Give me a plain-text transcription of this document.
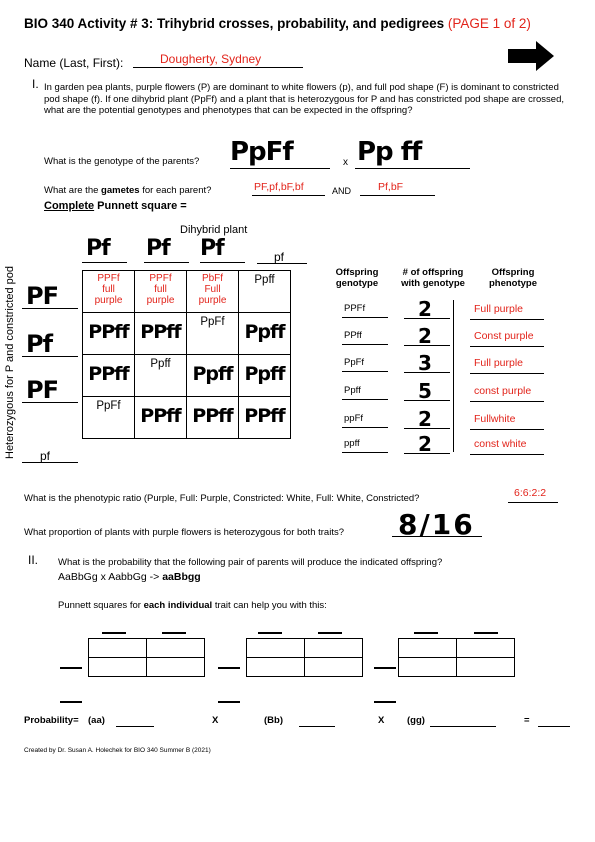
BIO 340 Activity # 3: Trihybrid crosses, probability, and pedigrees (PAGE 1 of 2)
Name (Last, First):	Dougherty, Sydney
I. In garden pea plants, purple flowers (P) are dominant to white flowers (p), and full pod shape (F) is dominant to constricted pod shape (f). If one dihybrid plant (PpFf) and a plant that is heterozygous for P and has constricted pod shape are crossed, what are the potential genotypes and phenotypes that can be expected in the offspring?
What is the genotype of the parents? PpFf	x Pp ff
What are the gametes for each parent?	PF,pf,bF,bf	AND	Pf,bF
Complete Punnett square =
Dihybrid plant
Pf Pf Pf	pf
Heterozygous for P and constricted pod PF
Pf
PF
pf
PPFf
full
purple	PPFf
full
purple	PbFf
Full
purple	Ppff

PPff	PPff	PpFf	Ppff

PPff	Ppff	Ppff	Ppff

PpFf	PPff	PPff	PPff
Offspring
genotype
# of offspring
with genotype
Offspring
phenotype
PPFf	2	Full purple
PPff	2	Const purple
PpFf	3	Full purple
Ppff	5	const purple
ppFf	2	Fullwhite
ppff	2	const white
What is the phenotypic ratio (Purple, Full: Purple, Constricted: White, Full: White, Constricted?	6:6:2:2
What proportion of plants with purple flowers is heterozygous for both traits? 8/16
II. What is the probability that the following pair of parents will produce the indicated offspring?
AaBbGg x AabbGg -> aaBbgg
Punnett squares for each individual trait can help you with this:

Probability= (aa)	X	(Bb)	X (gg)	=
Created by Dr. Susan A. Holechek for BIO 340 Summer B (2021)
